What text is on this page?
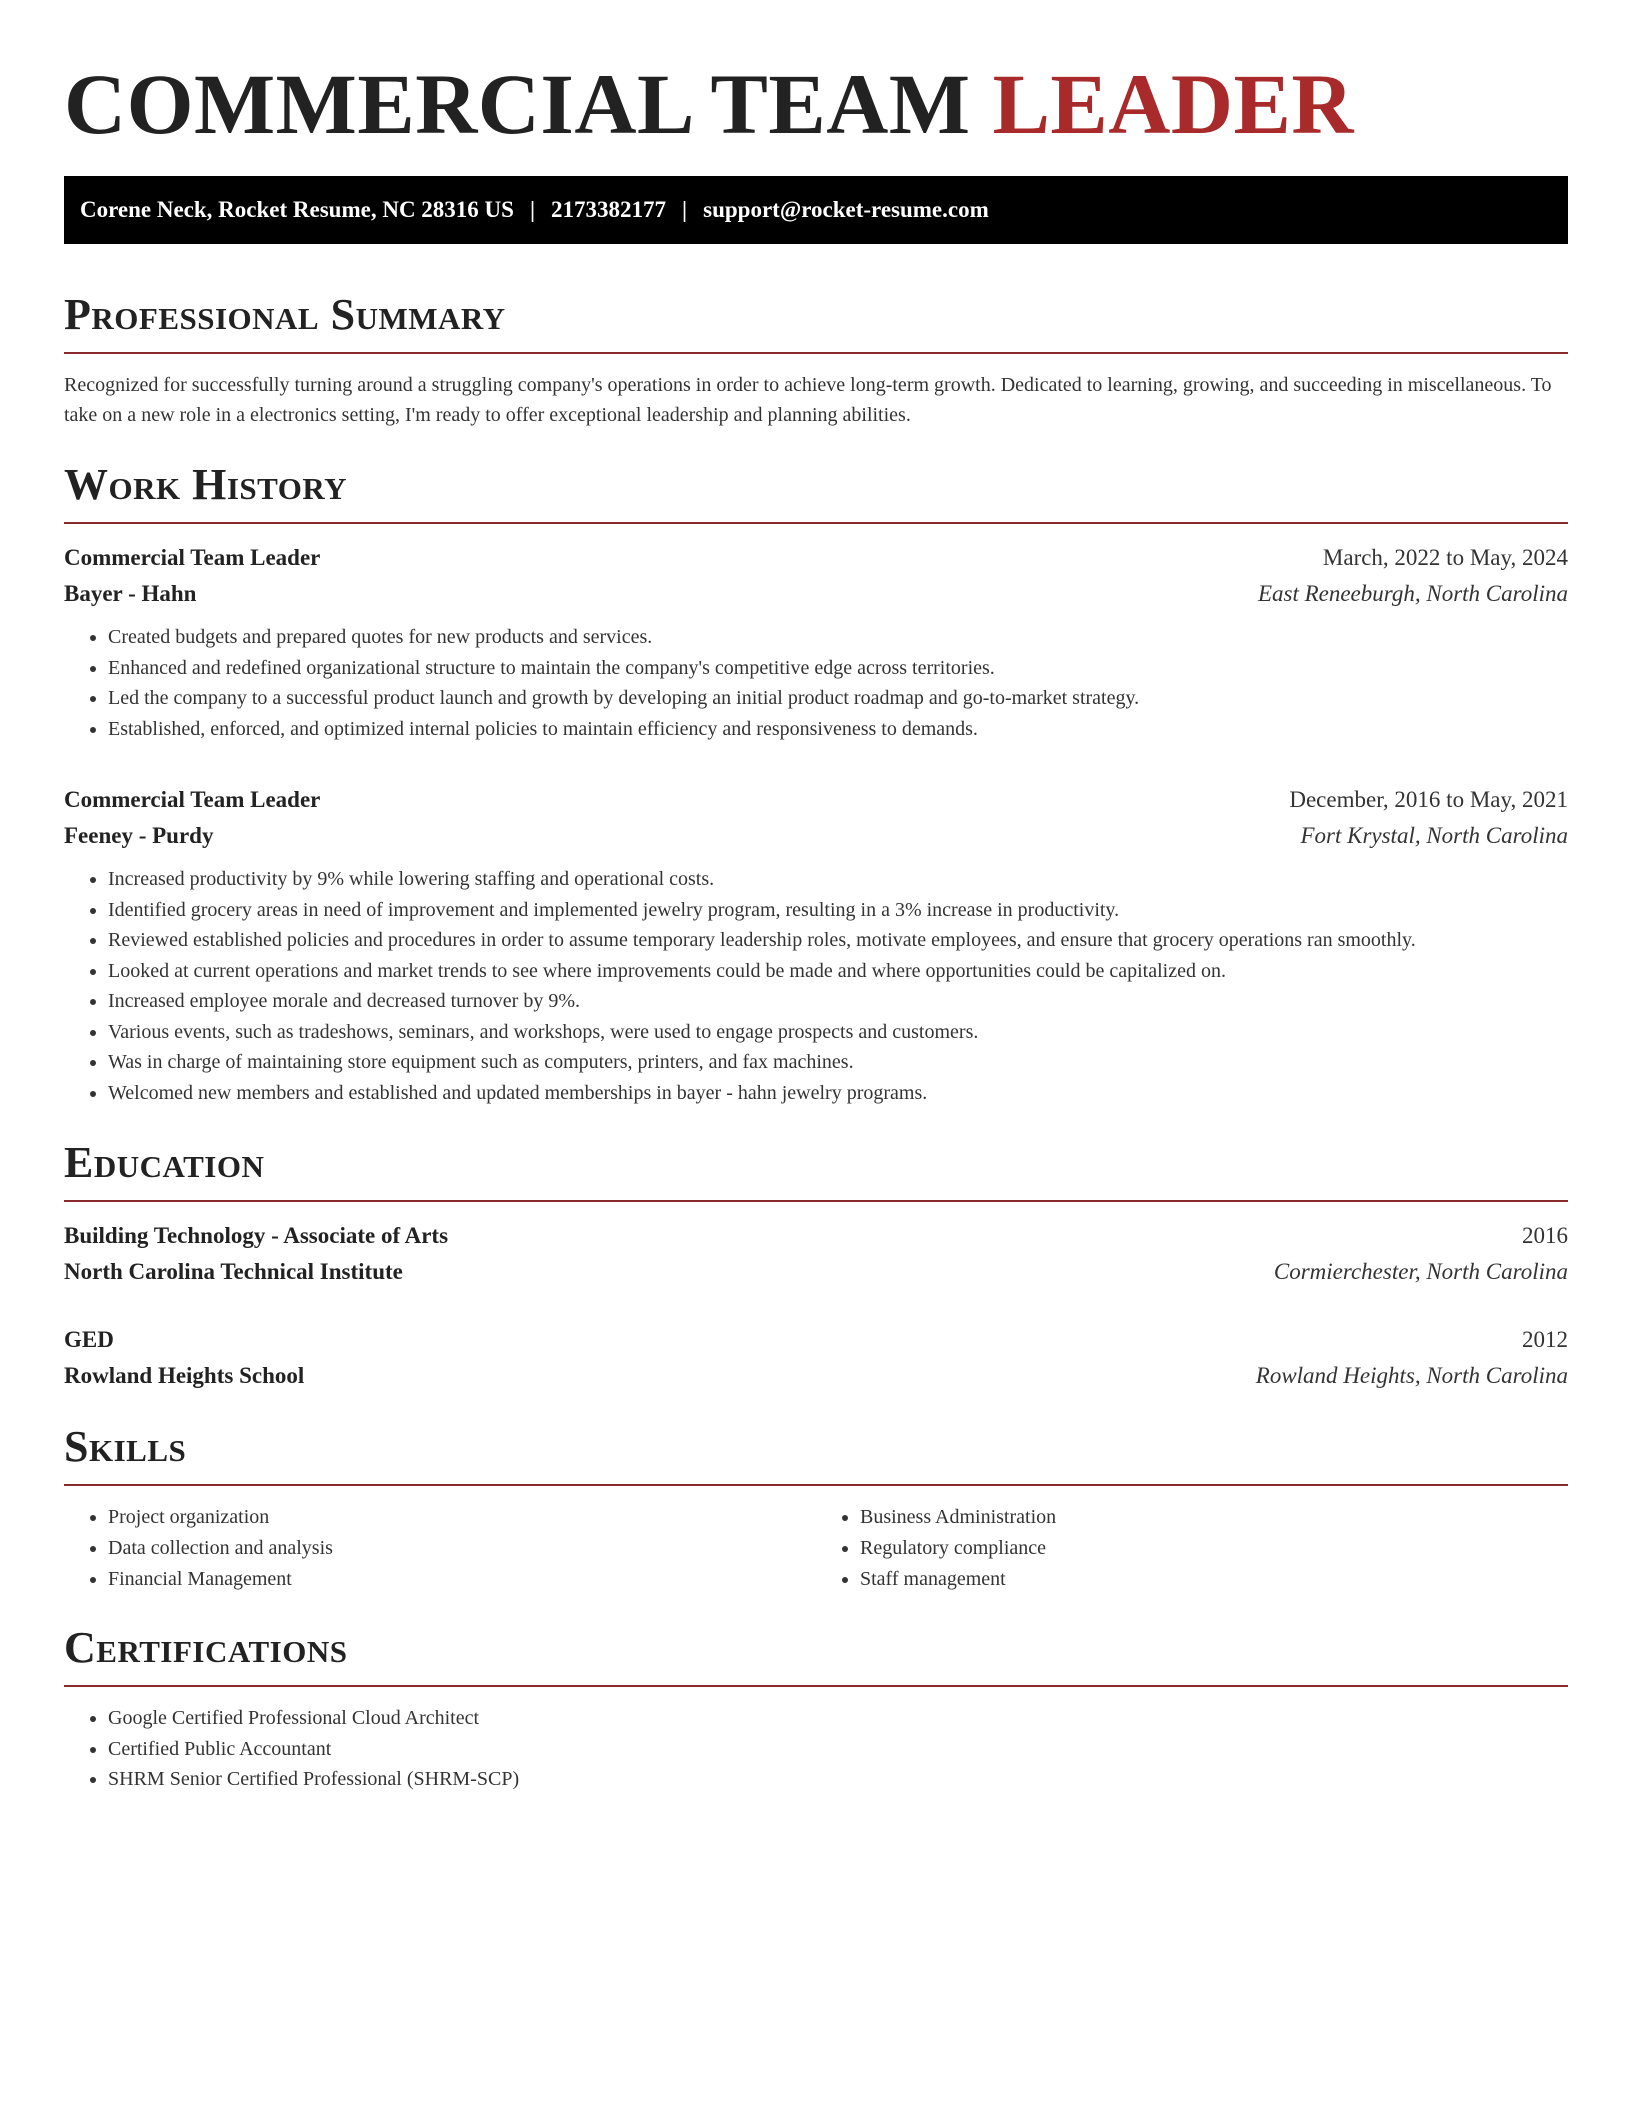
COMMERCIAL TEAM LEADER
Corene Neck, Rocket Resume, NC 28316 US | 2173382177 | support@rocket-resume.com
Professional Summary

Recognized for successfully turning around a struggling company's operations in order to achieve long-term growth. Dedicated to learning, growing, and succeeding in miscellaneous. To take on a new role in a electronics setting, I'm ready to offer exceptional leadership and planning abilities.

Work History
Commercial Team Leader	March, 2022 to May, 2024
Bayer - Hahn	East Reneeburgh, North Carolina
• Created budgets and prepared quotes for new products and services.
• Enhanced and redefined organizational structure to maintain the company's competitive edge across territories.
• Led the company to a successful product launch and growth by developing an initial product roadmap and go-to-market strategy.
• Established, enforced, and optimized internal policies to maintain efficiency and responsiveness to demands.
Commercial Team Leader	December, 2016 to May, 2021
Feeney - Purdy	Fort Krystal, North Carolina
• Increased productivity by 9% while lowering staffing and operational costs.
• Identified grocery areas in need of improvement and implemented jewelry program, resulting in a 3% increase in productivity.
• Reviewed established policies and procedures in order to assume temporary leadership roles, motivate employees, and ensure that grocery operations ran smoothly.
• Looked at current operations and market trends to see where improvements could be made and where opportunities could be capitalized on.
• Increased employee morale and decreased turnover by 9%.
• Various events, such as tradeshows, seminars, and workshops, were used to engage prospects and customers.
• Was in charge of maintaining store equipment such as computers, printers, and fax machines.
• Welcomed new members and established and updated memberships in bayer - hahn jewelry programs.
Education
Building Technology - Associate of Arts	2016
North Carolina Technical Institute	Cormierchester, North Carolina
GED	2012
Rowland Heights School	Rowland Heights, North Carolina
Skills
• Project organization
• Data collection and analysis
• Financial Management
• Business Administration
• Regulatory compliance
• Staff management
Certifications
• Google Certified Professional Cloud Architect
• Certified Public Accountant
• SHRM Senior Certified Professional (SHRM-SCP)
